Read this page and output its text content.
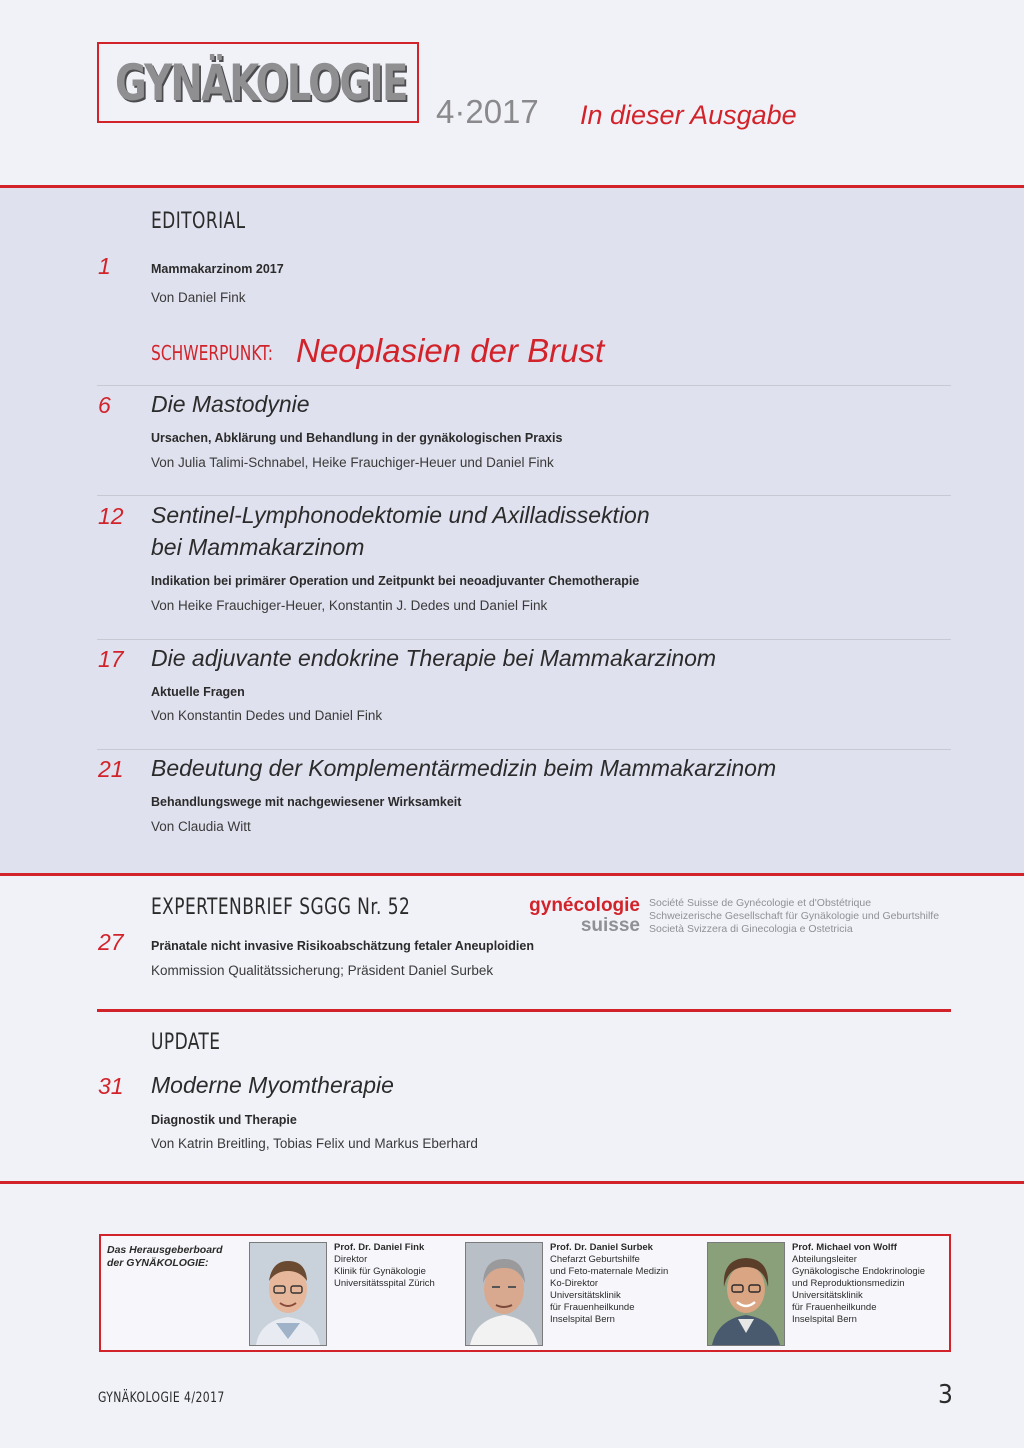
GYNÄKOLOGIE 4·2017 In dieser Ausgabe
EDITORIAL
1	Mammakarzinom 2017
Von Daniel Fink
SCHWERPUNKT: Neoplasien der Brust
6 Die Mastodynie
Ursachen, Abklärung und Behandlung in der gynäkologischen Praxis
Von Julia Talimi-Schnabel, Heike Frauchiger-Heuer und Daniel Fink
12 Sentinel-Lymphonodektomie und Axilladissektion
bei Mammakarzinom
Indikation bei primärer Operation und Zeitpunkt bei neoadjuvanter Chemotherapie
Von Heike Frauchiger-Heuer, Konstantin J. Dedes und Daniel Fink
17 Die adjuvante endokrine Therapie bei Mammakarzinom
Aktuelle Fragen
Von Konstantin Dedes und Daniel Fink
21 Bedeutung der Komplementärmedizin beim Mammakarzinom
Behandlungswege mit nachgewiesener Wirksamkeit
Von Claudia Witt
EXPERTENBRIEF SGGG Nr. 52	gynécologie
suisse
Société Suisse de Gynécologie et d'Obstétrique
Schweizerische Gesellschaft für Gynäkologie und Geburtshilfe
Società Svizzera di Ginecologia e Ostetricia
27 Pränatale nicht invasive Risikoabschätzung fetaler Aneuploidien
Kommission Qualitätssicherung; Präsident Daniel Surbek
UPDATE
31 Moderne Myomtherapie
Diagnostik und Therapie
Von Katrin Breitling, Tobias Felix und Markus Eberhard
Das Herausgeberboard
der GYNÄKOLOGIE:
Prof. Dr. Daniel Fink
Direktor
Klinik für Gynäkologie
Universitätsspital Zürich
Prof. Dr. Daniel Surbek
Chefarzt Geburtshilfe
und Feto-maternale Medizin
Ko-Direktor
Universitätsklinik
für Frauenheilkunde
Inselspital Bern
Prof. Michael von Wolff
Abteilungsleiter
Gynäkologische Endokrinologie
und Reproduktionsmedizin
Universitätsklinik
für Frauenheilkunde
Inselspital Bern
GYNÄKOLOGIE 4/2017	3
